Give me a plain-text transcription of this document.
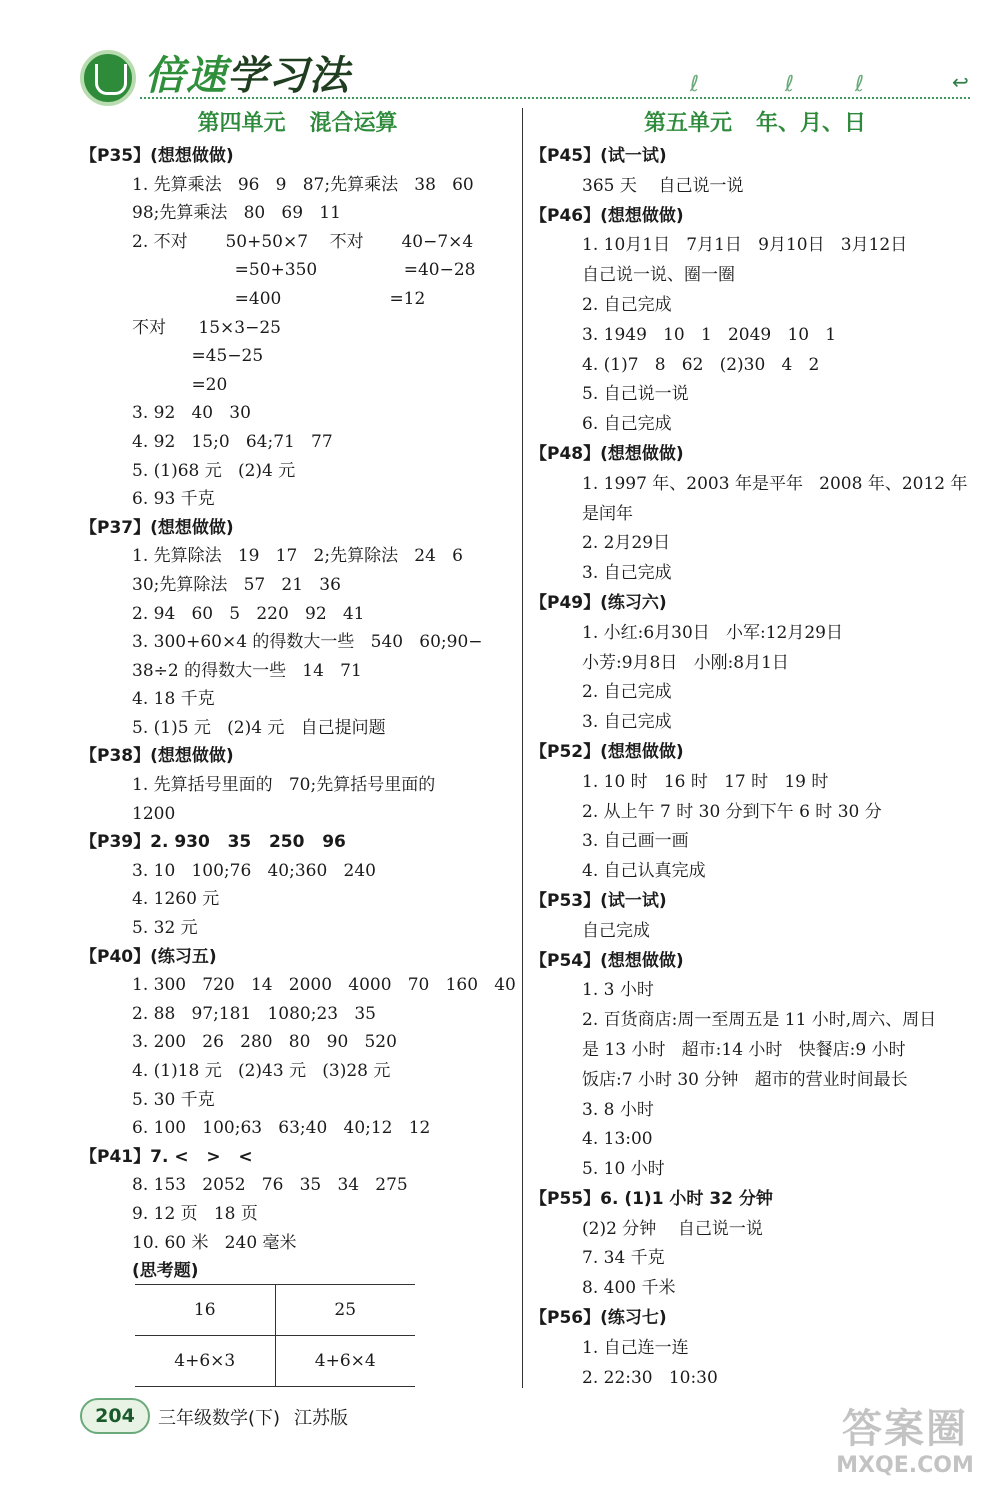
倍速学习法	ℓ	ℓ	ℓ	↩
第四单元 混合运算
【P35】(想想做做)
1. 先算乘法   96   9   87;先算乘法   38   60
98;先算乘法   80   69   11
2. 不对       50+50×7    不对       40−7×4
=50+350                =40−28
=400                    =12
不对      15×3−25
=45−25
=20
3. 92   40   30
4. 92   15;0   64;71   77
5. (1)68 元   (2)4 元
6. 93 千克
【P37】(想想做做)
1. 先算除法   19   17   2;先算除法   24   6
30;先算除法   57   21   36
2. 94   60   5   220   92   41
3. 300+60×4 的得数大一些   540   60;90−
38÷2 的得数大一些   14   71
4. 18 千克
5. (1)5 元   (2)4 元   自己提问题
【P38】(想想做做)
1. 先算括号里面的   70;先算括号里面的
1200
【P39】2. 930   35   250   96
3. 10   100;76   40;360   240
4. 1260 元
5. 32 元
【P40】(练习五)
1. 300   720   14   2000   4000   70   160   40
2. 88   97;181   1080;23   35
3. 200   26   280   80   90   520
4. (1)18 元   (2)43 元   (3)28 元
5. 30 千克
6. 100   100;63   63;40   40;12   12
【P41】7. <   >   <
8. 153   2052   76   35   34   275
9. 12 页   18 页
10. 60 米   240 毫米
(思考题)
16	25
4+6×3	4+6×4
第五单元 年、月、日
【P45】(试一试)
365 天    自己说一说
【P46】(想想做做)
1. 10月1日   7月1日   9月10日   3月12日
自己说一说、圈一圈
2. 自己完成
3. 1949   10   1   2049   10   1
4. (1)7   8   62   (2)30   4   2
5. 自己说一说
6. 自己完成
【P48】(想想做做)
1. 1997 年、2003 年是平年   2008 年、2012 年
是闰年
2. 2月29日
3. 自己完成
【P49】(练习六)
1. 小红:6月30日   小军:12月29日
小芳:9月8日   小刚:8月1日
2. 自己完成
3. 自己完成
【P52】(想想做做)
1. 10 时   16 时   17 时   19 时
2. 从上午 7 时 30 分到下午 6 时 30 分
3. 自己画一画
4. 自己认真完成
【P53】(试一试)
自己完成
【P54】(想想做做)
1. 3 小时
2. 百货商店:周一至周五是 11 小时,周六、周日
是 13 小时   超市:14 小时   快餐店:9 小时
饭店:7 小时 30 分钟   超市的营业时间最长
3. 8 小时
4. 13:00
5. 10 小时
【P55】6. (1)1 小时 32 分钟
(2)2 分钟    自己说一说
7. 34 千克
8. 400 千米
【P56】(练习七)
1. 自己连一连
2. 22:30   10:30
204	三年级数学(下) 江苏版	答案圈
MXQE.COM
